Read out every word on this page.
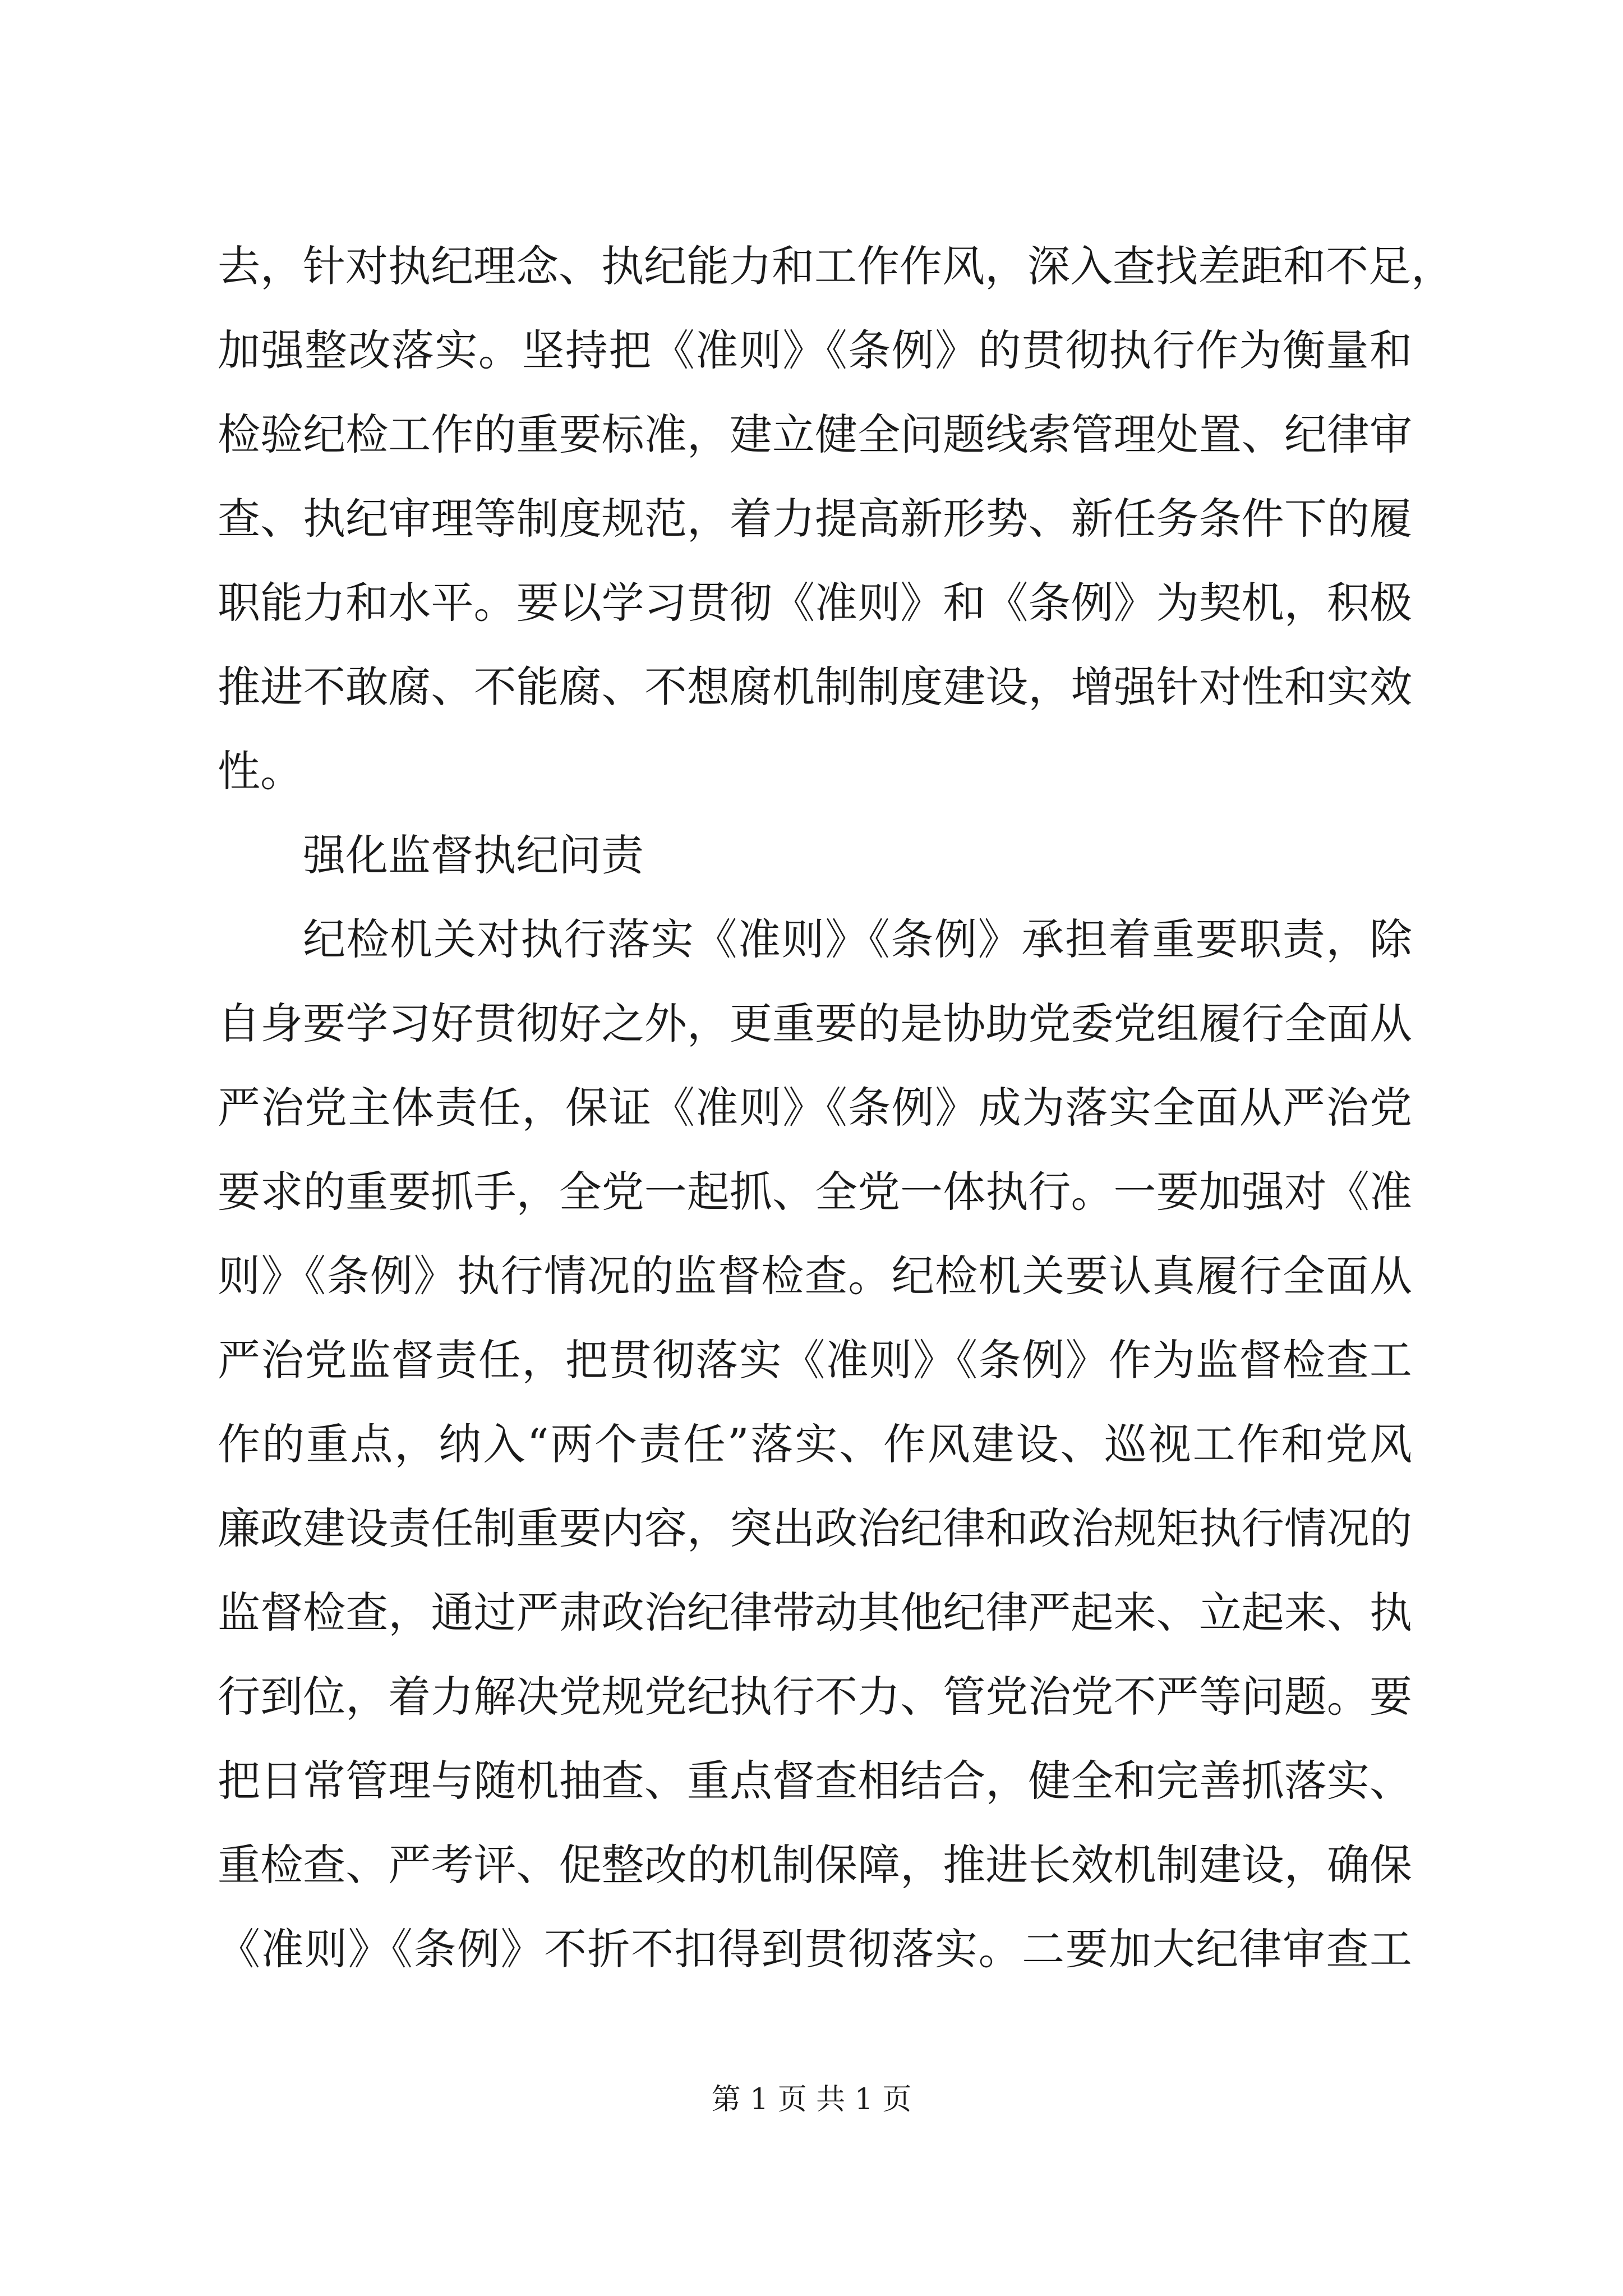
去，针对执纪理念、执纪能力和工作作风，深入查找差距和不足，
加强整改落实。坚持把《准则》《条例》的贯彻执行作为衡量和
检验纪检工作的重要标准，建立健全问题线索管理处置、纪律审
查、执纪审理等制度规范，着力提高新形势、新任务条件下的履
职能力和水平。要以学习贯彻《准则》和《条例》为契机，积极
推进不敢腐、不能腐、不想腐机制制度建设，增强针对性和实效
性。
强化监督执纪问责
纪检机关对执行落实《准则》《条例》承担着重要职责，除
自身要学习好贯彻好之外，更重要的是协助党委党组履行全面从
严治党主体责任，保证《准则》《条例》成为落实全面从严治党
要求的重要抓手，全党一起抓、全党一体执行。一要加强对《准
则》《条例》执行情况的监督检查。纪检机关要认真履行全面从
严治党监督责任，把贯彻落实《准则》《条例》作为监督检查工
作的重点，纳入“两个责任”落实、作风建设、巡视工作和党风
廉政建设责任制重要内容，突出政治纪律和政治规矩执行情况的
监督检查，通过严肃政治纪律带动其他纪律严起来、立起来、执
行到位，着力解决党规党纪执行不力、管党治党不严等问题。要
把日常管理与随机抽查、重点督查相结合，健全和完善抓落实、
重检查、严考评、促整改的机制保障，推进长效机制建设，确保
《准则》《条例》不折不扣得到贯彻落实。二要加大纪律审查工
第 1 页 共 1 页
